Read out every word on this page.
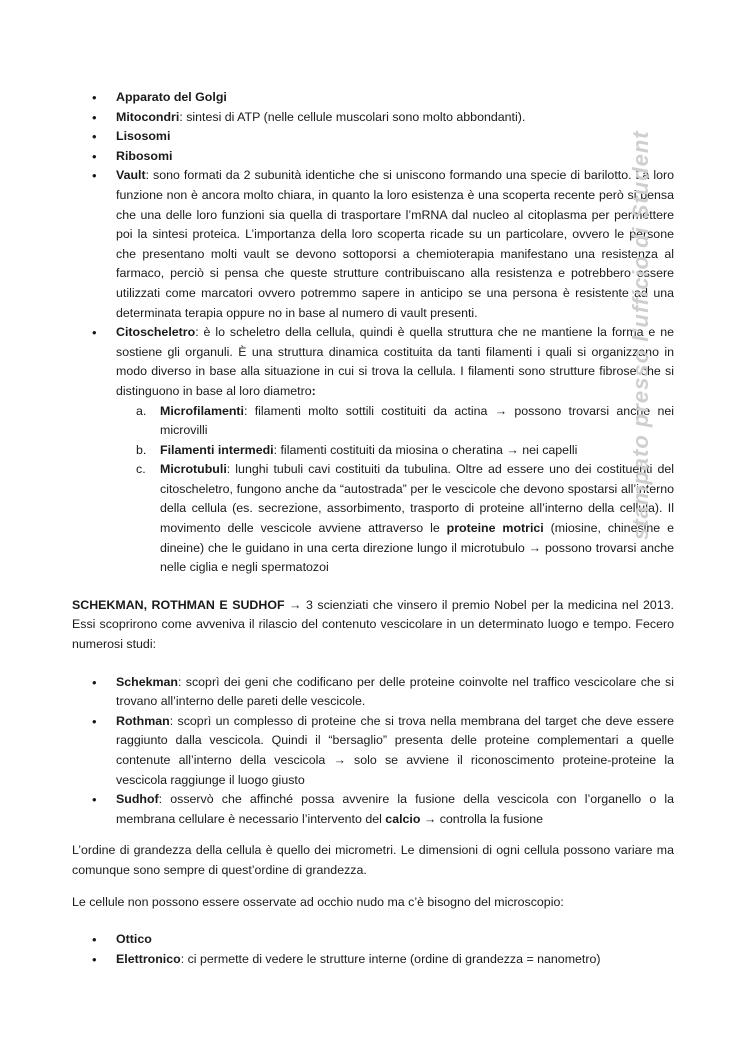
• Apparato del Golgi
• Mitocondri: sintesi di ATP (nelle cellule muscolari sono molto abbondanti).
• Lisosomi
• Ribosomi
• Vault: sono formati da 2 subunità identiche che si uniscono formando una specie di barilotto. La loro funzione non è ancora molto chiara, in quanto la loro esistenza è una scoperta recente però si pensa che una delle loro funzioni sia quella di trasportare l’mRNA dal nucleo al citoplasma per permettere poi la sintesi proteica. L’importanza della loro scoperta ricade su un particolare, ovvero le persone che presentano molti vault se devono sottoporsi a chemioterapia manifestano una resistenza al farmaco, perciò si pensa che queste strutture contribuiscano alla resistenza e potrebbero essere utilizzati come marcatori ovvero potremmo sapere in anticipo se una persona è resistente ad una determinata terapia oppure no in base al numero di vault presenti.
• Citoscheletro: è lo scheletro della cellula, quindi è quella struttura che ne mantiene la forma e ne sostiene gli organuli. È una struttura dinamica costituita da tanti filamenti i quali si organizzano in modo diverso in base alla situazione in cui si trova la cellula. I filamenti sono strutture fibrose che si distinguono in base al loro diametro:
a. Microfilamenti: filamenti molto sottili costituiti da actina → possono trovarsi anche nei microvilli
b. Filamenti intermedi: filamenti costituiti da miosina o cheratina → nei capelli
c. Microtubuli: lunghi tubuli cavi costituiti da tubulina. Oltre ad essere uno dei costituenti del citoscheletro, fungono anche da “autostrada” per le vescicole che devono spostarsi all’interno della cellula (es. secrezione, assorbimento, trasporto di proteine all’interno della cellula). Il movimento delle vescicole avviene attraverso le proteine motrici (miosine, chinesine e dineine) che le guidano in una certa direzione lungo il microtubulo → possono trovarsi anche nelle ciglia e negli spermatozoi

SCHEKMAN, ROTHMAN E SUDHOF → 3 scienziati che vinsero il premio Nobel per la medicina nel 2013. Essi scoprirono come avveniva il rilascio del contenuto vescicolare in un determinato luogo e tempo. Fecero numerosi studi:

• Schekman: scoprì dei geni che codificano per delle proteine coinvolte nel traffico vescicolare che si trovano all’interno delle pareti delle vescicole.
• Rothman: scoprì un complesso di proteine che si trova nella membrana del target che deve essere raggiunto dalla vescicola. Quindi il “bersaglio” presenta delle proteine complementari a quelle contenute all’interno della vescicola → solo se avviene il riconoscimento proteine-proteine la vescicola raggiunge il luogo giusto
• Sudhof: osservò che affinché possa avvenire la fusione della vescicola con l’organello o la membrana cellulare è necessario l’intervento del calcio → controlla la fusione

L’ordine di grandezza della cellula è quello dei micrometri. Le dimensioni di ogni cellula possono variare ma comunque sono sempre di quest’ordine di grandezza.

Le cellule non possono essere osservate ad occhio nudo ma c’è bisogno del microscopio:

• Ottico
• Elettronico: ci permette di vedere le strutture interne (ordine di grandezza = nanometro)
stampato presso l’ufficio di Student
